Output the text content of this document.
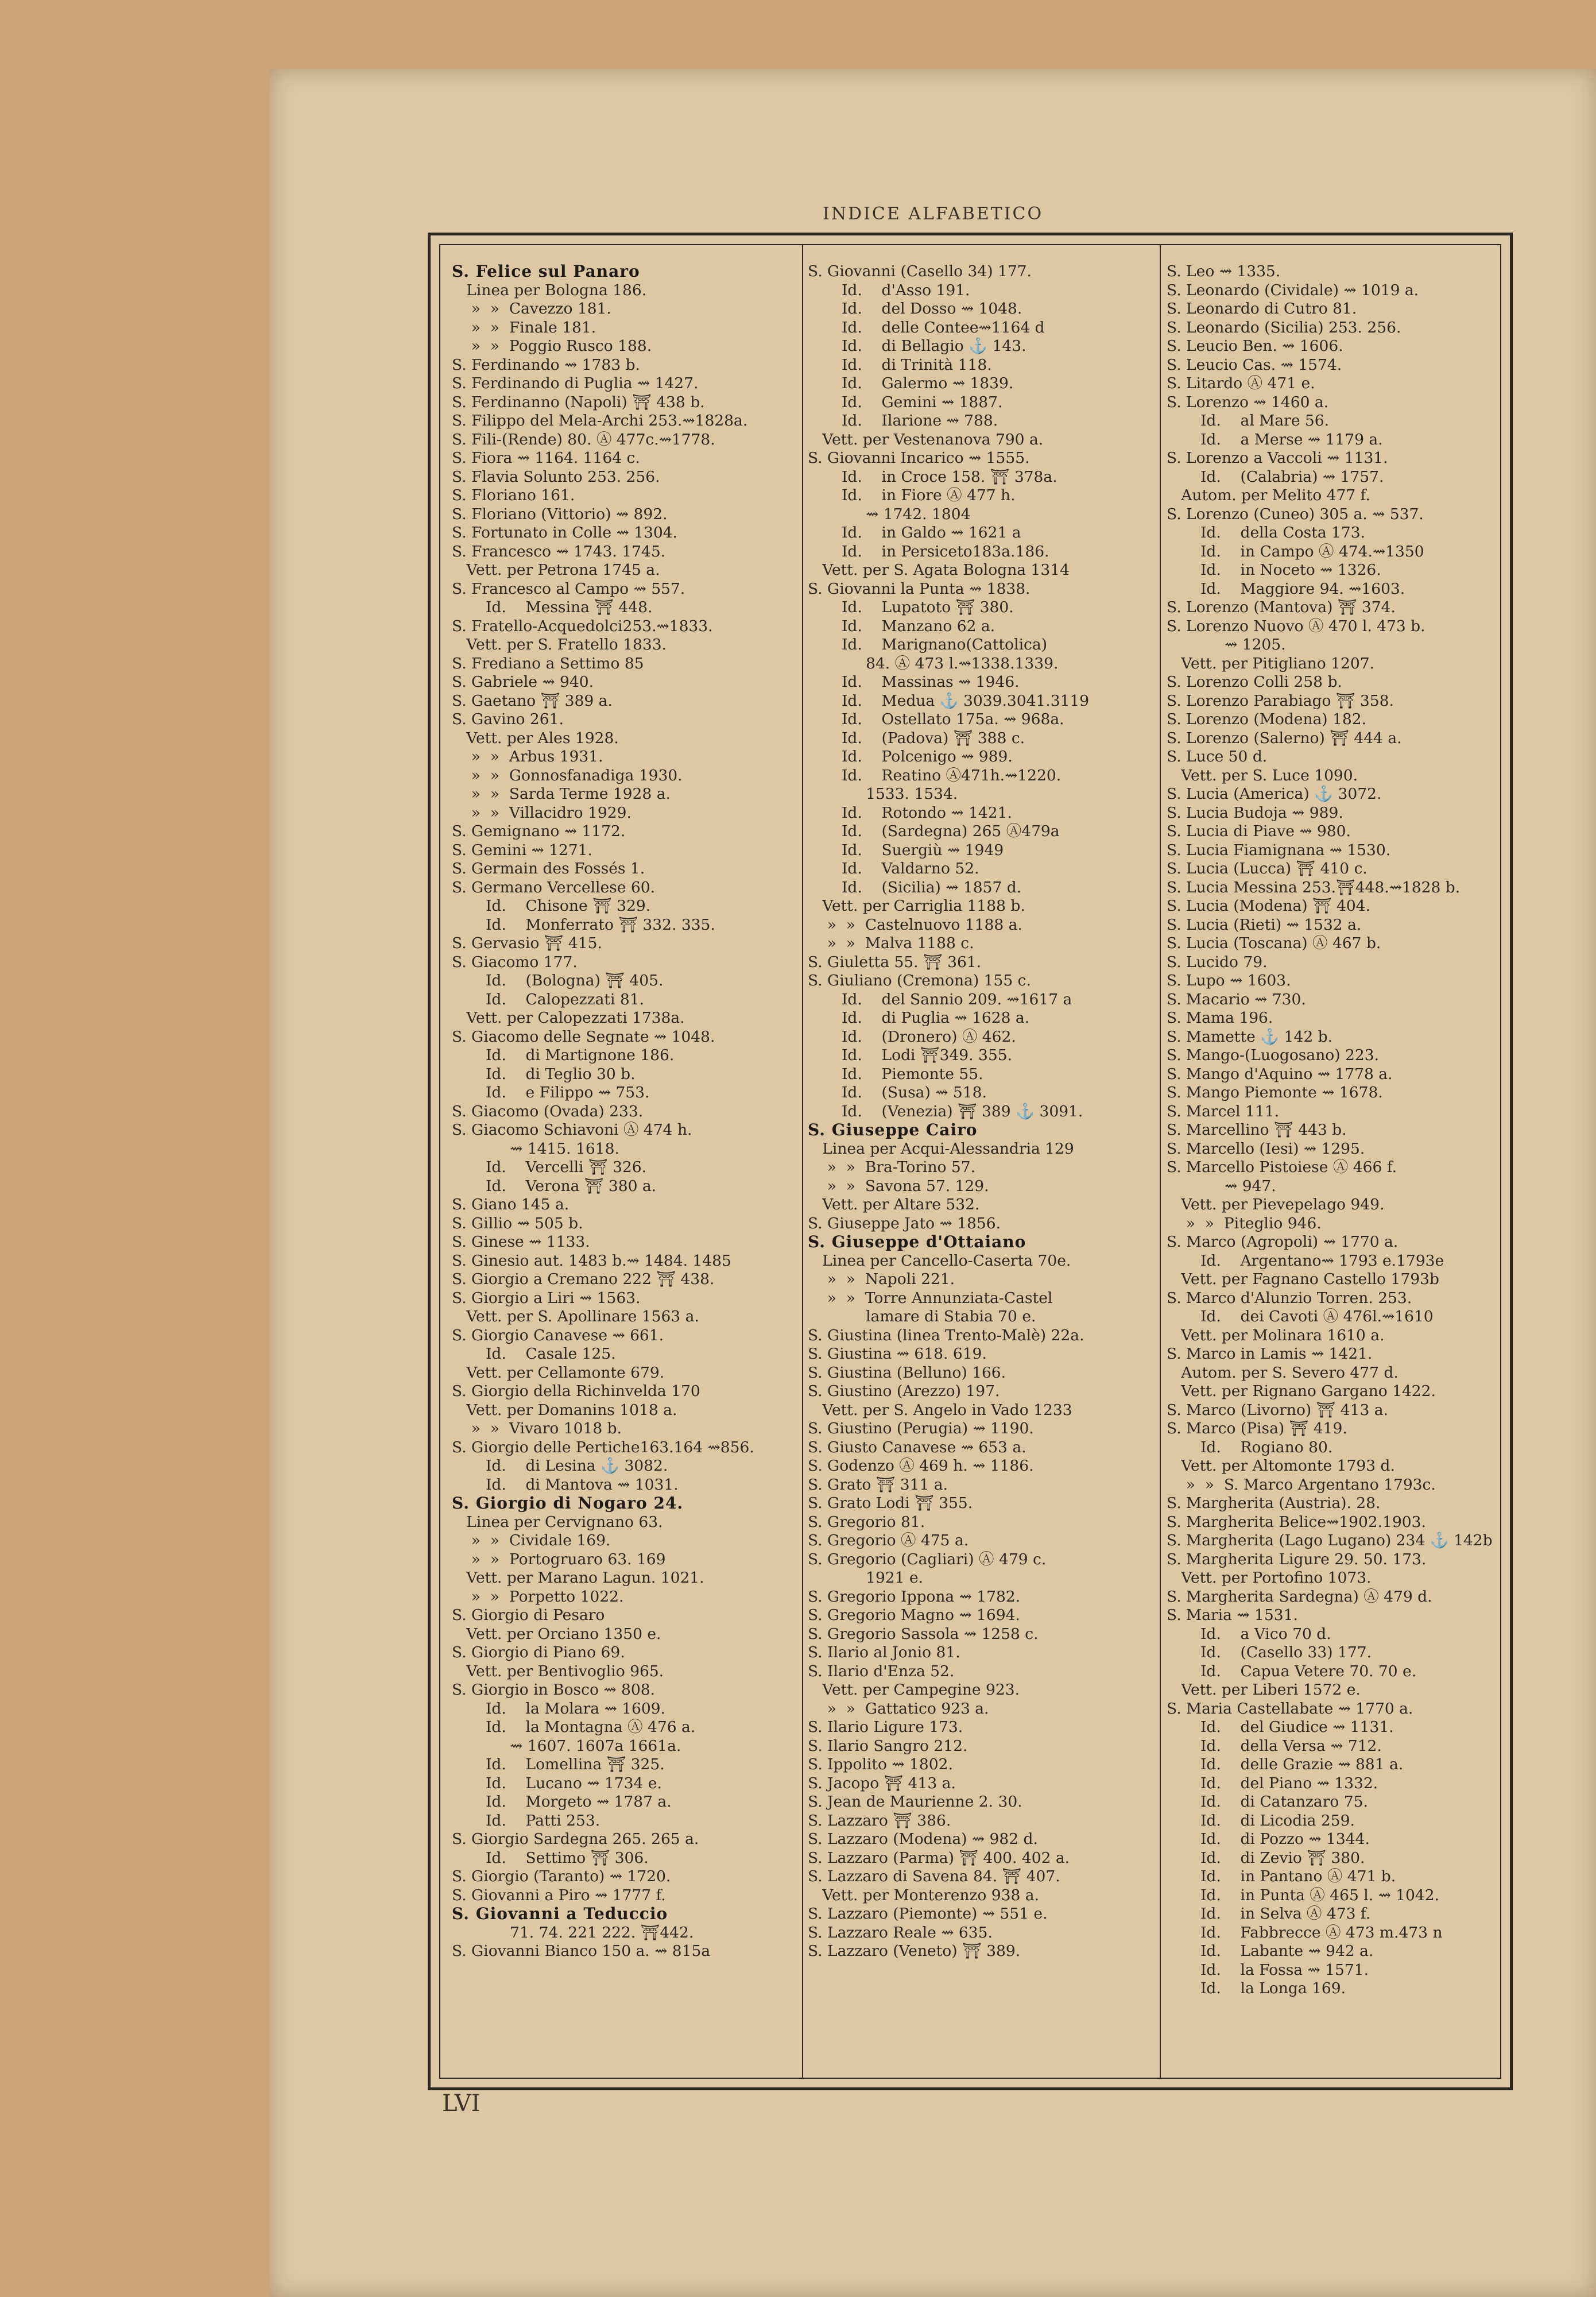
INDICE ALFABETICO
S. Felice sul Panaro
Linea per Bologna 186.
»  »  Cavezzo 181.
»  »  Finale 181.
»  »  Poggio Rusco 188.
S. Ferdinando ⇝ 1783 b.
S. Ferdinando di Puglia ⇝ 1427.
S. Ferdinanno (Napoli) ⛩ 438 b.
S. Filippo del Mela-Archi 253.⇝1828a.
S. Fili-(Rende) 80. Ⓐ 477c.⇝1778.
S. Fiora ⇝ 1164. 1164 c.
S. Flavia Solunto 253. 256.
S. Floriano 161.
S. Floriano (Vittorio) ⇝ 892.
S. Fortunato in Colle ⇝ 1304.
S. Francesco ⇝ 1743. 1745.
Vett. per Petrona 1745 a.
S. Francesco al Campo ⇝ 557.
Id.    Messina ⛩ 448.
S. Fratello-Acquedolci253.⇝1833.
Vett. per S. Fratello 1833.
S. Frediano a Settimo 85
S. Gabriele ⇝ 940.
S. Gaetano ⛩ 389 a.
S. Gavino 261.
Vett. per Ales 1928.
»  »  Arbus 1931.
»  »  Gonnosfanadiga 1930.
»  »  Sarda Terme 1928 a.
»  »  Villacidro 1929.
S. Gemignano ⇝ 1172.
S. Gemini ⇝ 1271.
S. Germain des Fossés 1.
S. Germano Vercellese 60.
Id.    Chisone ⛩ 329.
Id.    Monferrato ⛩ 332. 335.
S. Gervasio ⛩ 415.
S. Giacomo 177.
Id.    (Bologna) ⛩ 405.
Id.    Calopezzati 81.
Vett. per Calopezzati 1738a.
S. Giacomo delle Segnate ⇝ 1048.
Id.    di Martignone 186.
Id.    di Teglio 30 b.
Id.    e Filippo ⇝ 753.
S. Giacomo (Ovada) 233.
S. Giacomo Schiavoni Ⓐ 474 h.
⇝ 1415. 1618.
Id.    Vercelli ⛩ 326.
Id.    Verona ⛩ 380 a.
S. Giano 145 a.
S. Gillio ⇝ 505 b.
S. Ginese ⇝ 1133.
S. Ginesio aut. 1483 b.⇝ 1484. 1485
S. Giorgio a Cremano 222 ⛩ 438.
S. Giorgio a Liri ⇝ 1563.
Vett. per S. Apollinare 1563 a.
S. Giorgio Canavese ⇝ 661.
Id.    Casale 125.
Vett. per Cellamonte 679.
S. Giorgio della Richinvelda 170
Vett. per Domanins 1018 a.
»  »  Vivaro 1018 b.
S. Giorgio delle Pertiche163.164 ⇝856.
Id.    di Lesina ⚓ 3082.
Id.    di Mantova ⇝ 1031.
S. Giorgio di Nogaro 24.
Linea per Cervignano 63.
»  »  Cividale 169.
»  »  Portogruaro 63. 169
Vett. per Marano Lagun. 1021.
»  »  Porpetto 1022.
S. Giorgio di Pesaro
Vett. per Orciano 1350 e.
S. Giorgio di Piano 69.
Vett. per Bentivoglio 965.
S. Giorgio in Bosco ⇝ 808.
Id.    la Molara ⇝ 1609.
Id.    la Montagna Ⓐ 476 a.
⇝ 1607. 1607a 1661a.
Id.    Lomellina ⛩ 325.
Id.    Lucano ⇝ 1734 e.
Id.    Morgeto ⇝ 1787 a.
Id.    Patti 253.
S. Giorgio Sardegna 265. 265 a.
Id.    Settimo ⛩ 306.
S. Giorgio (Taranto) ⇝ 1720.
S. Giovanni a Piro ⇝ 1777 f.
S. Giovanni a Teduccio
71. 74. 221 222. ⛩442.
S. Giovanni Bianco 150 a. ⇝ 815a
S. Giovanni (Casello 34) 177.
Id.    d'Asso 191.
Id.    del Dosso ⇝ 1048.
Id.    delle Contee⇝1164 d
Id.    di Bellagio ⚓ 143.
Id.    di Trinità 118.
Id.    Galermo ⇝ 1839.
Id.    Gemini ⇝ 1887.
Id.    Ilarione ⇝ 788.
Vett. per Vestenanova 790 a.
S. Giovanni Incarico ⇝ 1555.
Id.    in Croce 158. ⛩ 378a.
Id.    in Fiore Ⓐ 477 h.
⇝ 1742. 1804
Id.    in Galdo ⇝ 1621 a
Id.    in Persiceto183a.186.
Vett. per S. Agata Bologna 1314
S. Giovanni la Punta ⇝ 1838.
Id.    Lupatoto ⛩ 380.
Id.    Manzano 62 a.
Id.    Marignano(Cattolica)
84. Ⓐ 473 l.⇝1338.1339.
Id.    Massinas ⇝ 1946.
Id.    Medua ⚓ 3039.3041.3119
Id.    Ostellato 175a. ⇝ 968a.
Id.    (Padova) ⛩ 388 c.
Id.    Polcenigo ⇝ 989.
Id.    Reatino Ⓐ471h.⇝1220.
1533. 1534.
Id.    Rotondo ⇝ 1421.
Id.    (Sardegna) 265 Ⓐ479a
Id.    Suergiù ⇝ 1949
Id.    Valdarno 52.
Id.    (Sicilia) ⇝ 1857 d.
Vett. per Carriglia 1188 b.
»  »  Castelnuovo 1188 a.
»  »  Malva 1188 c.
S. Giuletta 55. ⛩ 361.
S. Giuliano (Cremona) 155 c.
Id.    del Sannio 209. ⇝1617 a
Id.    di Puglia ⇝ 1628 a.
Id.    (Dronero) Ⓐ 462.
Id.    Lodi ⛩349. 355.
Id.    Piemonte 55.
Id.    (Susa) ⇝ 518.
Id.    (Venezia) ⛩ 389 ⚓ 3091.
S. Giuseppe Cairo
Linea per Acqui-Alessandria 129
»  »  Bra-Torino 57.
»  »  Savona 57. 129.
Vett. per Altare 532.
S. Giuseppe Jato ⇝ 1856.
S. Giuseppe d'Ottaiano
Linea per Cancello-Caserta 70e.
»  »  Napoli 221.
»  »  Torre Annunziata-Castel
lamare di Stabia 70 e.
S. Giustina (linea Trento-Malè) 22a.
S. Giustina ⇝ 618. 619.
S. Giustina (Belluno) 166.
S. Giustino (Arezzo) 197.
Vett. per S. Angelo in Vado 1233
S. Giustino (Perugia) ⇝ 1190.
S. Giusto Canavese ⇝ 653 a.
S. Godenzo Ⓐ 469 h. ⇝ 1186.
S. Grato ⛩ 311 a.
S. Grato Lodi ⛩ 355.
S. Gregorio 81.
S. Gregorio Ⓐ 475 a.
S. Gregorio (Cagliari) Ⓐ 479 c.
1921 e.
S. Gregorio Ippona ⇝ 1782.
S. Gregorio Magno ⇝ 1694.
S. Gregorio Sassola ⇝ 1258 c.
S. Ilario al Jonio 81.
S. Ilario d'Enza 52.
Vett. per Campegine 923.
»  »  Gattatico 923 a.
S. Ilario Ligure 173.
S. Ilario Sangro 212.
S. Ippolito ⇝ 1802.
S. Jacopo ⛩ 413 a.
S. Jean de Maurienne 2. 30.
S. Lazzaro ⛩ 386.
S. Lazzaro (Modena) ⇝ 982 d.
S. Lazzaro (Parma) ⛩ 400. 402 a.
S. Lazzaro di Savena 84. ⛩ 407.
Vett. per Monterenzo 938 a.
S. Lazzaro (Piemonte) ⇝ 551 e.
S. Lazzaro Reale ⇝ 635.
S. Lazzaro (Veneto) ⛩ 389.
S. Leo ⇝ 1335.
S. Leonardo (Cividale) ⇝ 1019 a.
S. Leonardo di Cutro 81.
S. Leonardo (Sicilia) 253. 256.
S. Leucio Ben. ⇝ 1606.
S. Leucio Cas. ⇝ 1574.
S. Litardo Ⓐ 471 e.
S. Lorenzo ⇝ 1460 a.
Id.    al Mare 56.
Id.    a Merse ⇝ 1179 a.
S. Lorenzo a Vaccoli ⇝ 1131.
Id.    (Calabria) ⇝ 1757.
Autom. per Melito 477 f.
S. Lorenzo (Cuneo) 305 a. ⇝ 537.
Id.    della Costa 173.
Id.    in Campo Ⓐ 474.⇝1350
Id.    in Noceto ⇝ 1326.
Id.    Maggiore 94. ⇝1603.
S. Lorenzo (Mantova) ⛩ 374.
S. Lorenzo Nuovo Ⓐ 470 l. 473 b.
⇝ 1205.
Vett. per Pitigliano 1207.
S. Lorenzo Colli 258 b.
S. Lorenzo Parabiago ⛩ 358.
S. Lorenzo (Modena) 182.
S. Lorenzo (Salerno) ⛩ 444 a.
S. Luce 50 d.
Vett. per S. Luce 1090.
S. Lucia (America) ⚓ 3072.
S. Lucia Budoja ⇝ 989.
S. Lucia di Piave ⇝ 980.
S. Lucia Fiamignana ⇝ 1530.
S. Lucia (Lucca) ⛩ 410 c.
S. Lucia Messina 253.⛩448.⇝1828 b.
S. Lucia (Modena) ⛩ 404.
S. Lucia (Rieti) ⇝ 1532 a.
S. Lucia (Toscana) Ⓐ 467 b.
S. Lucido 79.
S. Lupo ⇝ 1603.
S. Macario ⇝ 730.
S. Mama 196.
S. Mamette ⚓ 142 b.
S. Mango-(Luogosano) 223.
S. Mango d'Aquino ⇝ 1778 a.
S. Mango Piemonte ⇝ 1678.
S. Marcel 111.
S. Marcellino ⛩ 443 b.
S. Marcello (Iesi) ⇝ 1295.
S. Marcello Pistoiese Ⓐ 466 f.
⇝ 947.
Vett. per Pievepelago 949.
»  »  Piteglio 946.
S. Marco (Agropoli) ⇝ 1770 a.
Id.    Argentano⇝ 1793 e.1793e
Vett. per Fagnano Castello 1793b
S. Marco d'Alunzio Torren. 253.
Id.    dei Cavoti Ⓐ 476l.⇝1610
Vett. per Molinara 1610 a.
S. Marco in Lamis ⇝ 1421.
Autom. per S. Severo 477 d.
Vett. per Rignano Gargano 1422.
S. Marco (Livorno) ⛩ 413 a.
S. Marco (Pisa) ⛩ 419.
Id.    Rogiano 80.
Vett. per Altomonte 1793 d.
»  »  S. Marco Argentano 1793c.
S. Margherita (Austria). 28.
S. Margherita Belice⇝1902.1903.
S. Margherita (Lago Lugano) 234 ⚓ 142b
S. Margherita Ligure 29. 50. 173.
Vett. per Portofino 1073.
S. Margherita Sardegna) Ⓐ 479 d.
S. Maria ⇝ 1531.
Id.    a Vico 70 d.
Id.    (Casello 33) 177.
Id.    Capua Vetere 70. 70 e.
Vett. per Liberi 1572 e.
S. Maria Castellabate ⇝ 1770 a.
Id.    del Giudice ⇝ 1131.
Id.    della Versa ⇝ 712.
Id.    delle Grazie ⇝ 881 a.
Id.    del Piano ⇝ 1332.
Id.    di Catanzaro 75.
Id.    di Licodia 259.
Id.    di Pozzo ⇝ 1344.
Id.    di Zevio ⛩ 380.
Id.    in Pantano Ⓐ 471 b.
Id.    in Punta Ⓐ 465 l. ⇝ 1042.
Id.    in Selva Ⓐ 473 f.
Id.    Fabbrecce Ⓐ 473 m.473 n
Id.    Labante ⇝ 942 a.
Id.    la Fossa ⇝ 1571.
Id.    la Longa 169.
LVI
